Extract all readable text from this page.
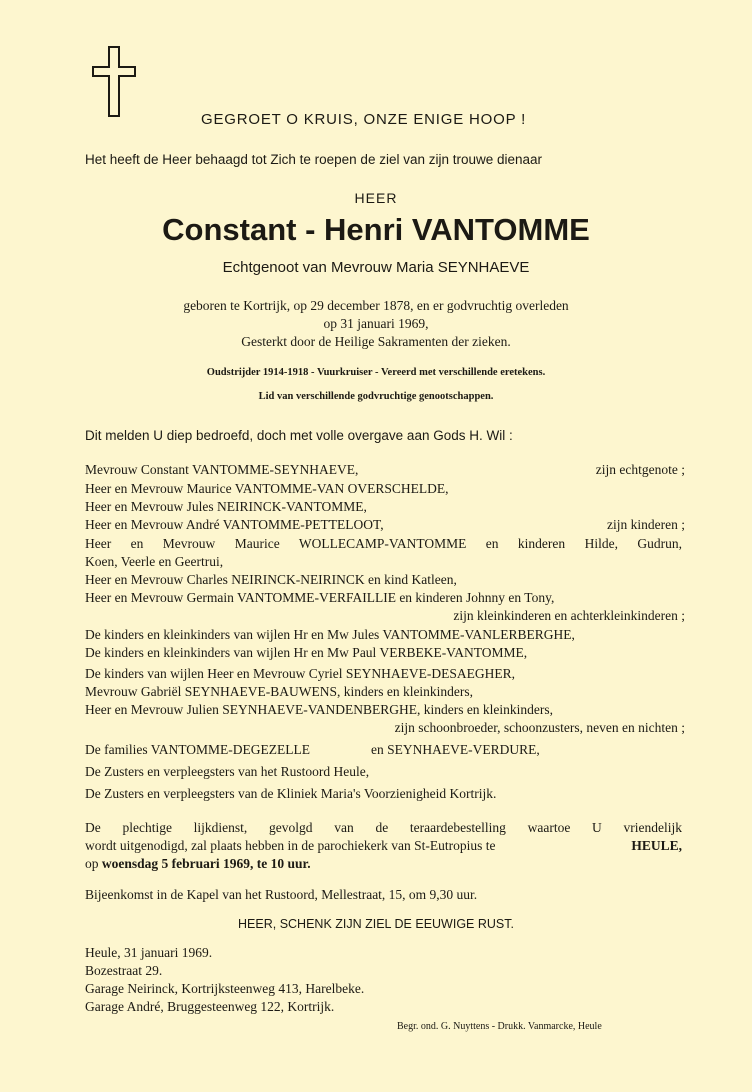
GEGROET O KRUIS, ONZE ENIGE HOOP !

Het heeft de Heer behaagd tot Zich te roepen de ziel van zijn trouwe dienaar

HEER

Constant - Henri VANTOMME

Echtgenoot van Mevrouw Maria SEYNHAEVE

geboren te Kortrijk, op 29 december 1878, en er godvruchtig overleden

op 31 januari 1969,

Gesterkt door de Heilige Sakramenten der zieken.

Oudstrijder 1914-1918 - Vuurkruiser - Vereerd met verschillende eretekens.

Lid van verschillende godvruchtige genootschappen.

Dit melden U diep bedroefd, doch met volle overgave aan Gods H. Wil :

Mevrouw Constant VANTOMME-SEYNHAEVE,	zijn echtgenote ;
Heer en Mevrouw Maurice VANTOMME-VAN OVERSCHELDE,
Heer en Mevrouw Jules NEIRINCK-VANTOMME,
Heer en Mevrouw André VANTOMME-PETTELOOT,	zijn kinderen ;
Heer en Mevrouw Maurice WOLLECAMP-VANTOMME en kinderen Hilde, Gudrun,
Koen, Veerle en Geertrui,
Heer en Mevrouw Charles NEIRINCK-NEIRINCK en kind Katleen,
Heer en Mevrouw Germain VANTOMME-VERFAILLIE en kinderen Johnny en Tony,
zijn kleinkinderen en achterkleinkinderen ;
De kinders en kleinkinders van wijlen Hr en Mw Jules VANTOMME-VANLERBERGHE,
De kinders en kleinkinders van wijlen Hr en Mw Paul VERBEKE-VANTOMME,
De kinders van wijlen Heer en Mevrouw Cyriel SEYNHAEVE-DESAEGHER,
Mevrouw Gabriël SEYNHAEVE-BAUWENS, kinders en kleinkinders,
Heer en Mevrouw Julien SEYNHAEVE-VANDENBERGHE, kinders en kleinkinders,
zijn schoonbroeder, schoonzusters, neven en nichten ;
De families VANTOMME-DEGEZELLE	en SEYNHAEVE-VERDURE,
De Zusters en verpleegsters van het Rustoord Heule,
De Zusters en verpleegsters van de Kliniek Maria's Voorzienigheid Kortrijk.
De plechtige lijkdienst, gevolgd van de teraardebestelling waartoe U vriendelijk
wordt uitgenodigd, zal plaats hebben in de parochiekerk van St-Eutropius te	HEULE,
op woensdag 5 februari 1969, te 10 uur.

Bijeenkomst in de Kapel van het Rustoord, Mellestraat, 15, om 9,30 uur.

HEER, SCHENK ZIJN ZIEL DE EEUWIGE RUST.

Heule, 31 januari 1969.

Bozestraat 29.

Garage Neirinck, Kortrijksteenweg 413, Harelbeke.

Garage André, Bruggesteenweg 122, Kortrijk.

Begr. ond. G. Nuyttens - Drukk. Vanmarcke, Heule
